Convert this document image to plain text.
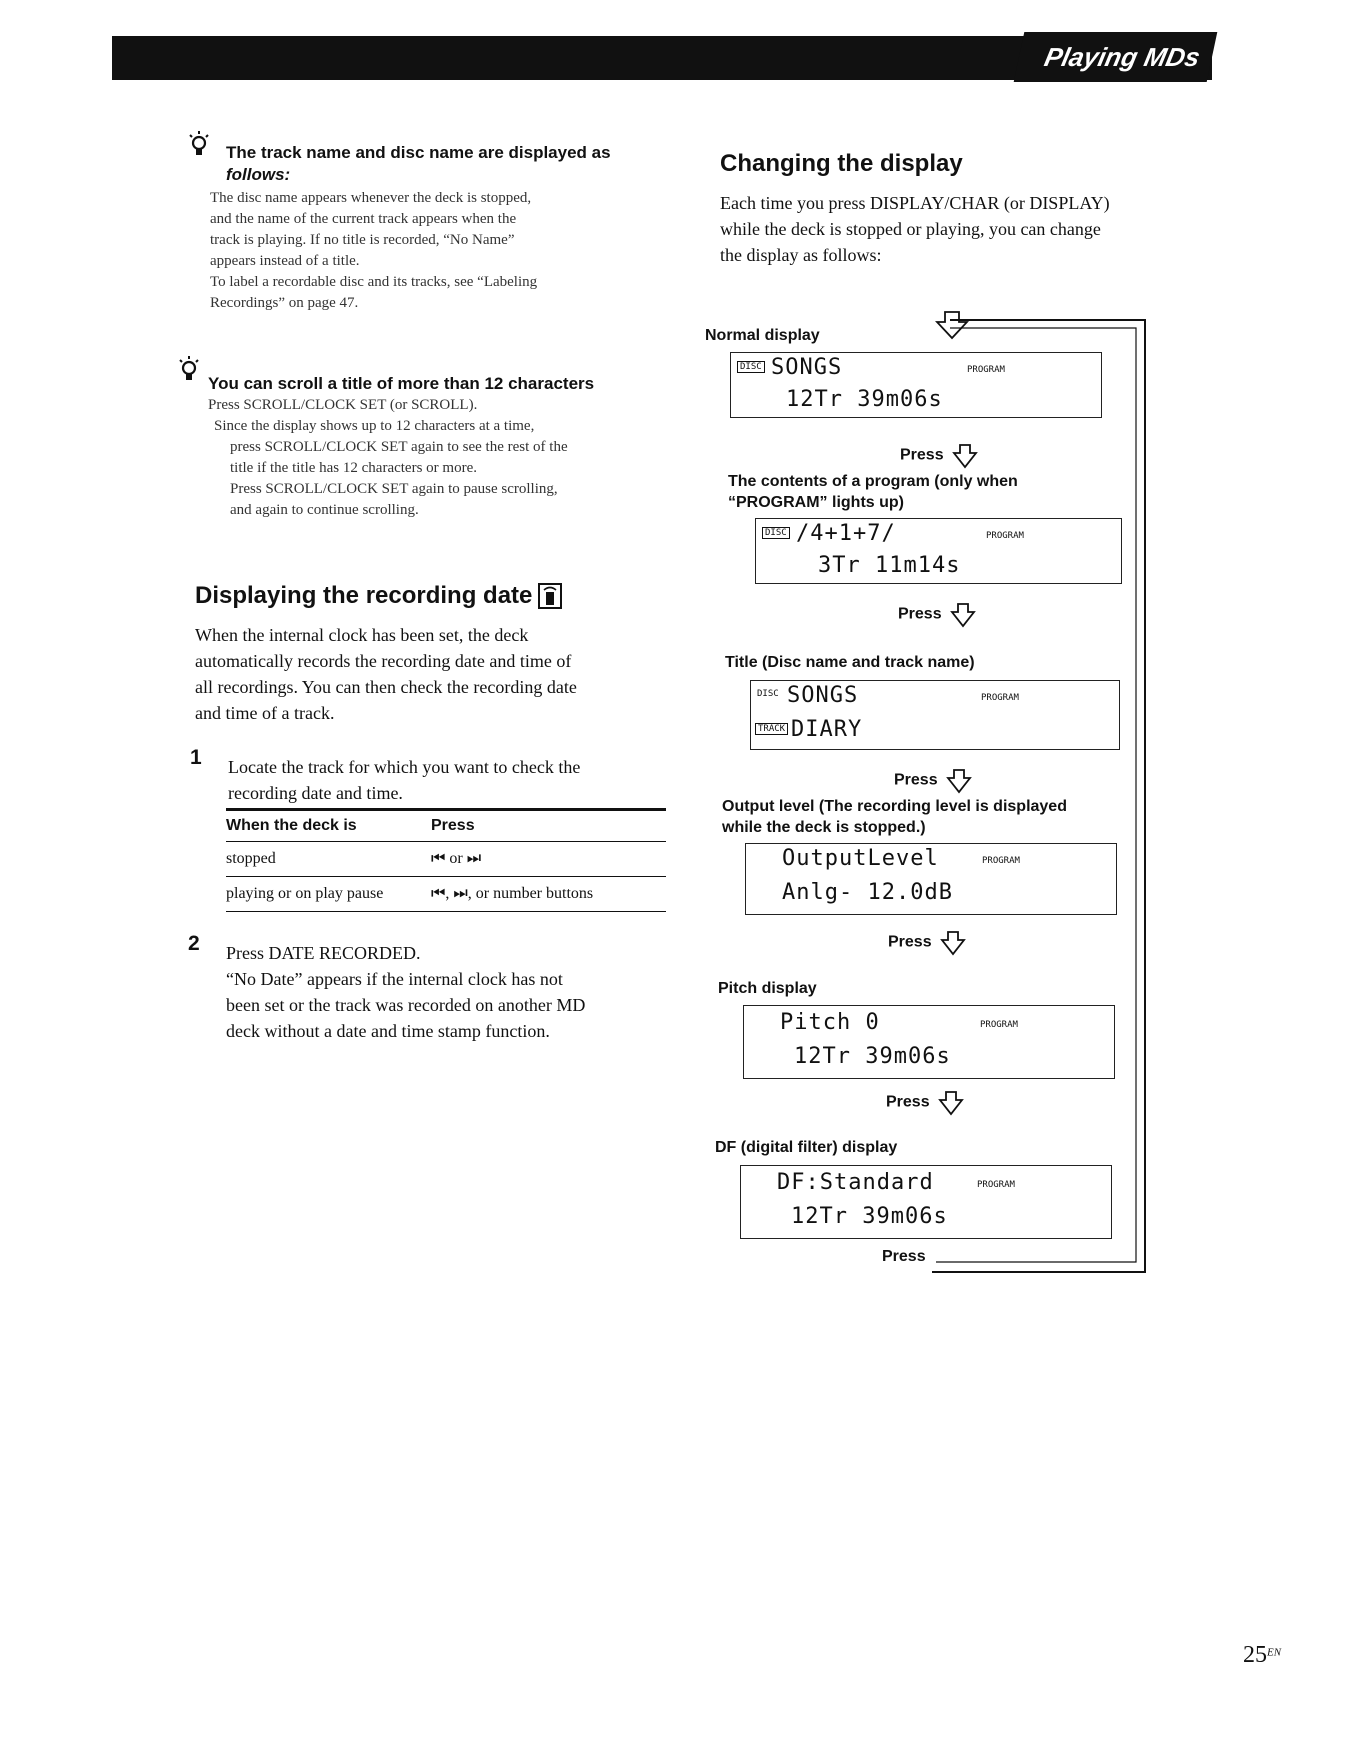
Playing MDs
The track name and disc name are displayed as
follows:
The disc name appears whenever the deck is stopped,
and the name of the current track appears when the
track is playing. If no title is recorded, “No Name”
appears instead of a title.
To label a recordable disc and its tracks, see “Labeling
Recordings” on page 47.
You can scroll a title of more than 12 characters
Press SCROLL/CLOCK SET (or SCROLL).
Since the display shows up to 12 characters at a time,
press SCROLL/CLOCK SET again to see the rest of the
title if the title has 12 characters or more.
Press SCROLL/CLOCK SET again to pause scrolling,
and again to continue scrolling.
Displaying the recording date
When the internal clock has been set, the deck
automatically records the recording date and time of
all recordings. You can then check the recording date
and time of a track.
1 Locate the track for which you want to check the
recording date and time.
When the deck is	Press
stopped	⏮ or ⏭
playing or on play pause	⏮, ⏭, or number buttons
2 Press DATE RECORDED.
“No Date” appears if the internal clock has not
been set or the track was recorded on another MD
deck without a date and time stamp function.
Changing the display
Each time you press DISPLAY/CHAR (or DISPLAY)
while the deck is stopped or playing, you can change
the display as follows:
Normal display
DISC SONGS
12Tr 39m06s
PROGRAM
Press
The contents of a program (only when
“PROGRAM” lights up)
DISC /4+1+7/
3Tr 11m14s
PROGRAM
Press
Title (Disc name and track name)
DISC SONGS
TRACK DIARY
PROGRAM
Press
Output level (The recording level is displayed
while the deck is stopped.)
OutputLevel
Anlg- 12.0dB
PROGRAM
Press
Pitch display
Pitch 0
12Tr 39m06s
PROGRAM
Press
DF (digital filter) display
DF:Standard
12Tr 39m06s
PROGRAM
Press
$25^{EN}$
